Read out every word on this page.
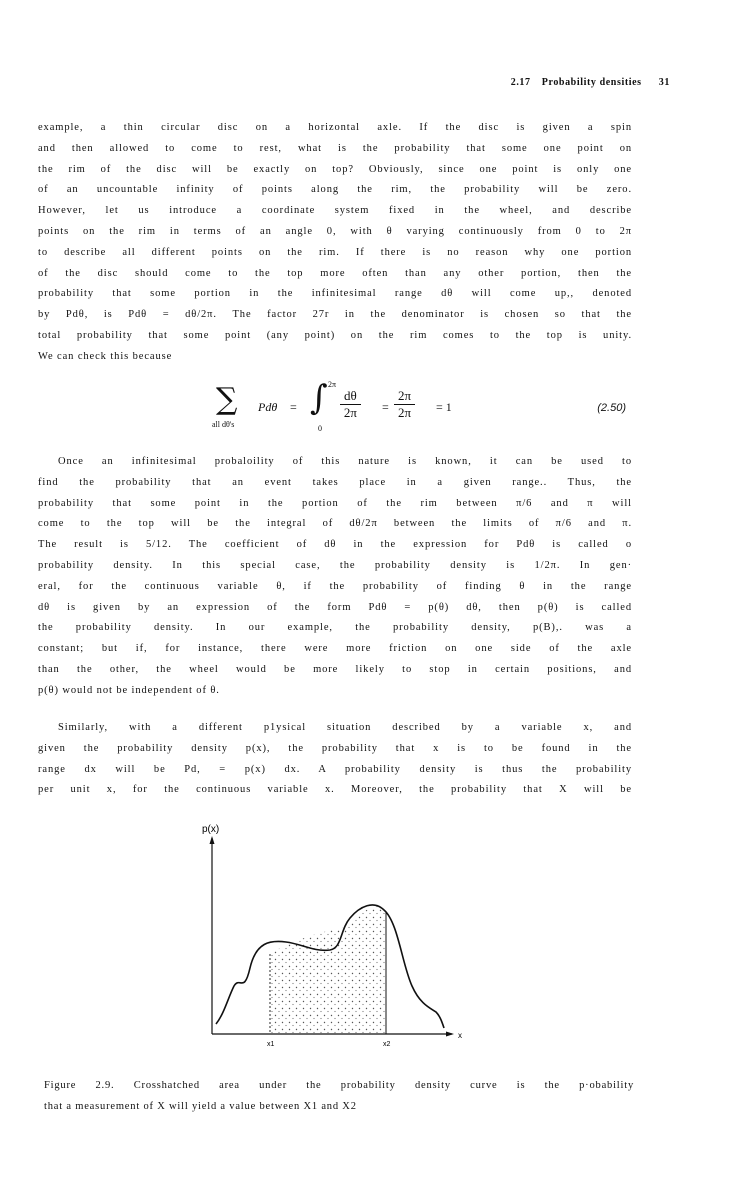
2.17 Probability densities 31
example, a thin circular disc on a horizontal axle. If the disc is given a spin
and then allowed to come to rest, what is the probability that some one point on
the rim of the disc will be exactly on top? Obviously, since one point is only one
of an uncountable infinity of points along the rim, the probability will be zero.
However, let us introduce a coordinate system fixed in the wheel, and describe
points on the rim in terms of an angle 0, with θ varying continuously from 0 to 2π
to describe all different points on the rim. If there is no reason why one portion
of the disc should come to the top more often than any other portion, then the
probability that some portion in the infinitesimal range dθ will come up,, denoted
by Pdθ, is Pdθ = dθ/2π. The factor 27r in the denominator is chosen so that the
total probability that some point (any point) on the rim comes to the top is unity.
We can check this because
∑
all dθ's
Pdθ = ∫ 2π
0
$\frac{d\theta}{2\pi} = \frac{2\pi}{2\pi} = 1$	(2.50)
Once an infinitesimal probaloility of this nature is known, it can be used to
find the probability that an event takes place in a given range.. Thus, the
probability that some point in the portion of the rim between π/6 and π will
come to the top will be the integral of dθ/2π between the limits of π/6 and π.
The result is 5/12. The coefficient of dθ in the expression for Pdθ is called o
probability density. In this special case, the probability density is 1/2π. In gen·
eral, for the continuous variable θ, if the probability of finding θ in the range
dθ is given by an expression of the form Pdθ = p(θ) dθ, then p(θ) is called
the probability density. In our example, the probability density, p(B),. was a
constant; but if, for instance, there were more friction on one side of the axle
than the other, the wheel would be more likely to stop in certain positions, and
p(θ) would not be independent of θ.
Similarly, with a different p1ysical situation described by a variable x, and
given the probability density p(x), the probability that x is to be found in the
range dx will be Pd, = p(x) dx. A probability density is thus the probability
per unit x, for the continuous variable x. Moreover, the probability that X will be
p(x)
x
x1	x2
Figure 2.9. Crosshatched area under the probability density curve is the p·obability
that a measurement of X will yield a value between X1 and X2
